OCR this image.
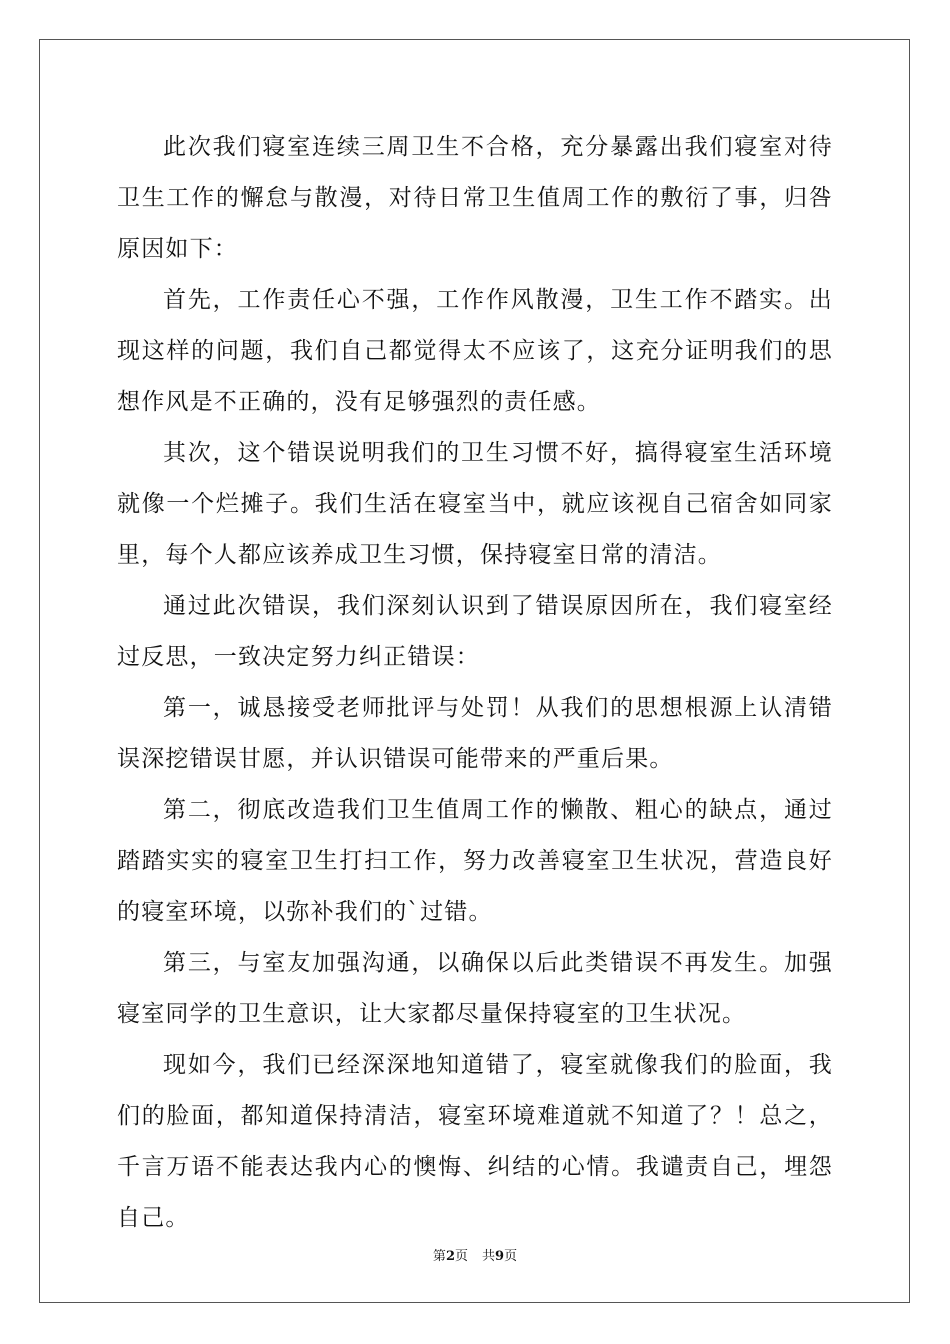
此次我们寝室连续三周卫生不合格，充分暴露出我们寝室对待卫生工作的懈怠与散漫，对待日常卫生值周工作的敷衍了事，归咎原因如下：

首先，工作责任心不强，工作作风散漫，卫生工作不踏实。出现这样的问题，我们自己都觉得太不应该了，这充分证明我们的思想作风是不正确的，没有足够强烈的责任感。

其次，这个错误说明我们的卫生习惯不好，搞得寝室生活环境就像一个烂摊子。我们生活在寝室当中，就应该视自己宿舍如同家里，每个人都应该养成卫生习惯，保持寝室日常的清洁。

通过此次错误，我们深刻认识到了错误原因所在，我们寝室经过反思，一致决定努力纠正错误：

第一，诚恳接受老师批评与处罚！从我们的思想根源上认清错误深挖错误甘愿，并认识错误可能带来的严重后果。

第二，彻底改造我们卫生值周工作的懒散、粗心的缺点，通过踏踏实实的寝室卫生打扫工作，努力改善寝室卫生状况，营造良好的寝室环境，以弥补我们的`过错。

第三，与室友加强沟通，以确保以后此类错误不再发生。加强寝室同学的卫生意识，让大家都尽量保持寝室的卫生状况。

现如今，我们已经深深地知道错了，寝室就像我们的脸面，我们的脸面，都知道保持清洁，寝室环境难道就不知道了？！总之，千言万语不能表达我内心的懊悔、纠结的心情。我谴责自己，埋怨自己。

第2页 共9页
